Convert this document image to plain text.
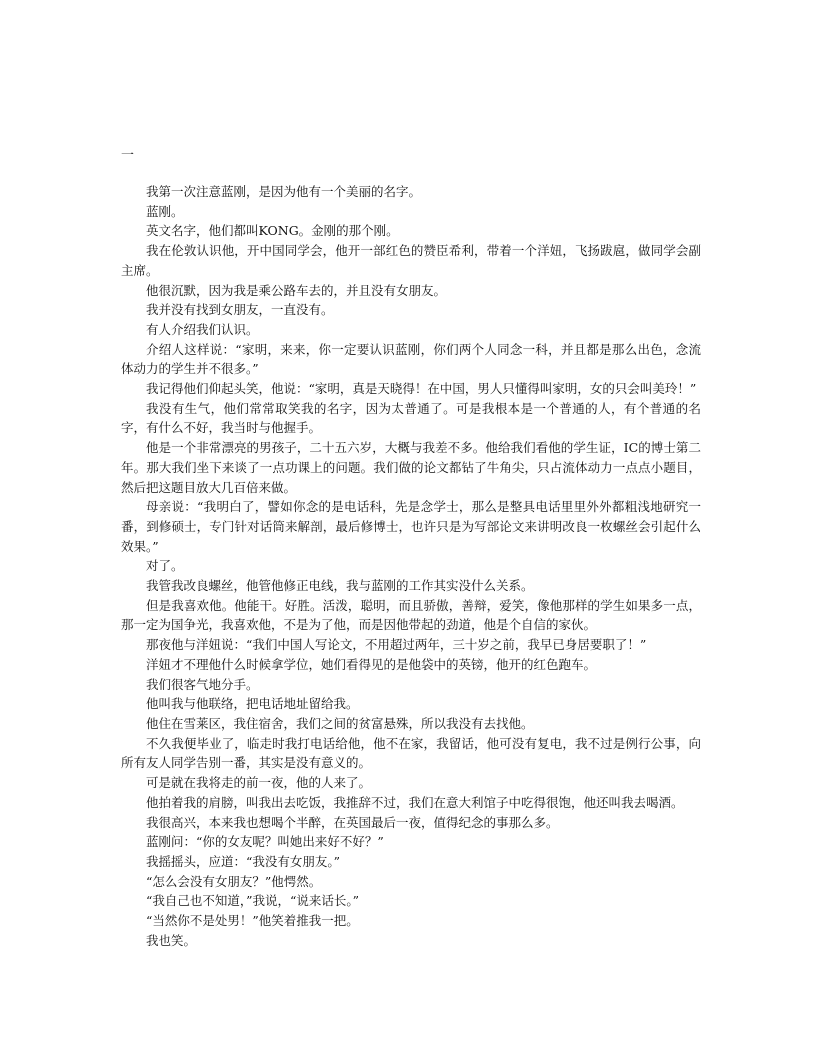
一

我第一次注意蓝刚，是因为他有一个美丽的名字。

蓝刚。

英文名字，他们都叫KONG。金刚的那个刚。

我在伦敦认识他，开中国同学会，他开一部红色的赞臣希利，带着一个洋妞，飞扬跋扈，做同学会副主席。

他很沉默，因为我是乘公路车去的，并且没有女朋友。

我并没有找到女朋友，一直没有。

有人介绍我们认识。

介绍人这样说：“家明，来来，你一定要认识蓝刚，你们两个人同念一科，并且都是那么出色，念流体动力的学生并不很多。”

我记得他们仰起头笑，他说：“家明，真是天晓得！在中国，男人只懂得叫家明，女的只会叫美玲！”

我没有生气，他们常常取笑我的名字，因为太普通了。可是我根本是一个普通的人，有个普通的名字，有什么不好，我当时与他握手。

他是一个非常漂亮的男孩子，二十五六岁，大概与我差不多。他给我们看他的学生证，IC的博士第二年。那大我们坐下来谈了一点功课上的问题。我们做的论文都钻了牛角尖，只占流体动力一点点小题目，然后把这题目放大几百倍来做。

母亲说：“我明白了，譬如你念的是电话科，先是念学士，那么是整具电话里里外外都粗浅地研究一番，到修硕士，专门针对话筒来解剖，最后修博士，也许只是为写部论文来讲明改良一枚螺丝会引起什么效果。”

对了。

我管我改良螺丝，他管他修正电线，我与蓝刚的工作其实没什么关系。

但是我喜欢他。他能干。好胜。活泼，聪明，而且骄傲，善辩，爱笑，像他那样的学生如果多一点，那一定为国争光，我喜欢他，不是为了他，而是因他带起的劲道，他是个自信的家伙。

那夜他与洋妞说：“我们中国人写论文，不用超过两年，三十岁之前，我早已身居要职了！”

洋妞才不理他什么时候拿学位，她们看得见的是他袋中的英镑，他开的红色跑车。

我们很客气地分手。

他叫我与他联络，把电话地址留给我。

他住在雪莱区，我住宿舍，我们之间的贫富悬殊，所以我没有去找他。

不久我便毕业了，临走时我打电话给他，他不在家，我留话，他可没有复电，我不过是例行公事，向所有友人同学告别一番，其实是没有意义的。

可是就在我将走的前一夜，他的人来了。

他拍着我的肩膀，叫我出去吃饭，我推辞不过，我们在意大利馆子中吃得很饱，他还叫我去喝酒。

我很高兴，本来我也想喝个半醉，在英国最后一夜，值得纪念的事那么多。

蓝刚问：“你的女友呢？叫她出来好不好？”

我摇摇头，应道：“我没有女朋友。”

“怎么会没有女朋友？”他愕然。

“我自己也不知道，”我说，“说来话长。”

“当然你不是处男！”他笑着推我一把。

我也笑。
